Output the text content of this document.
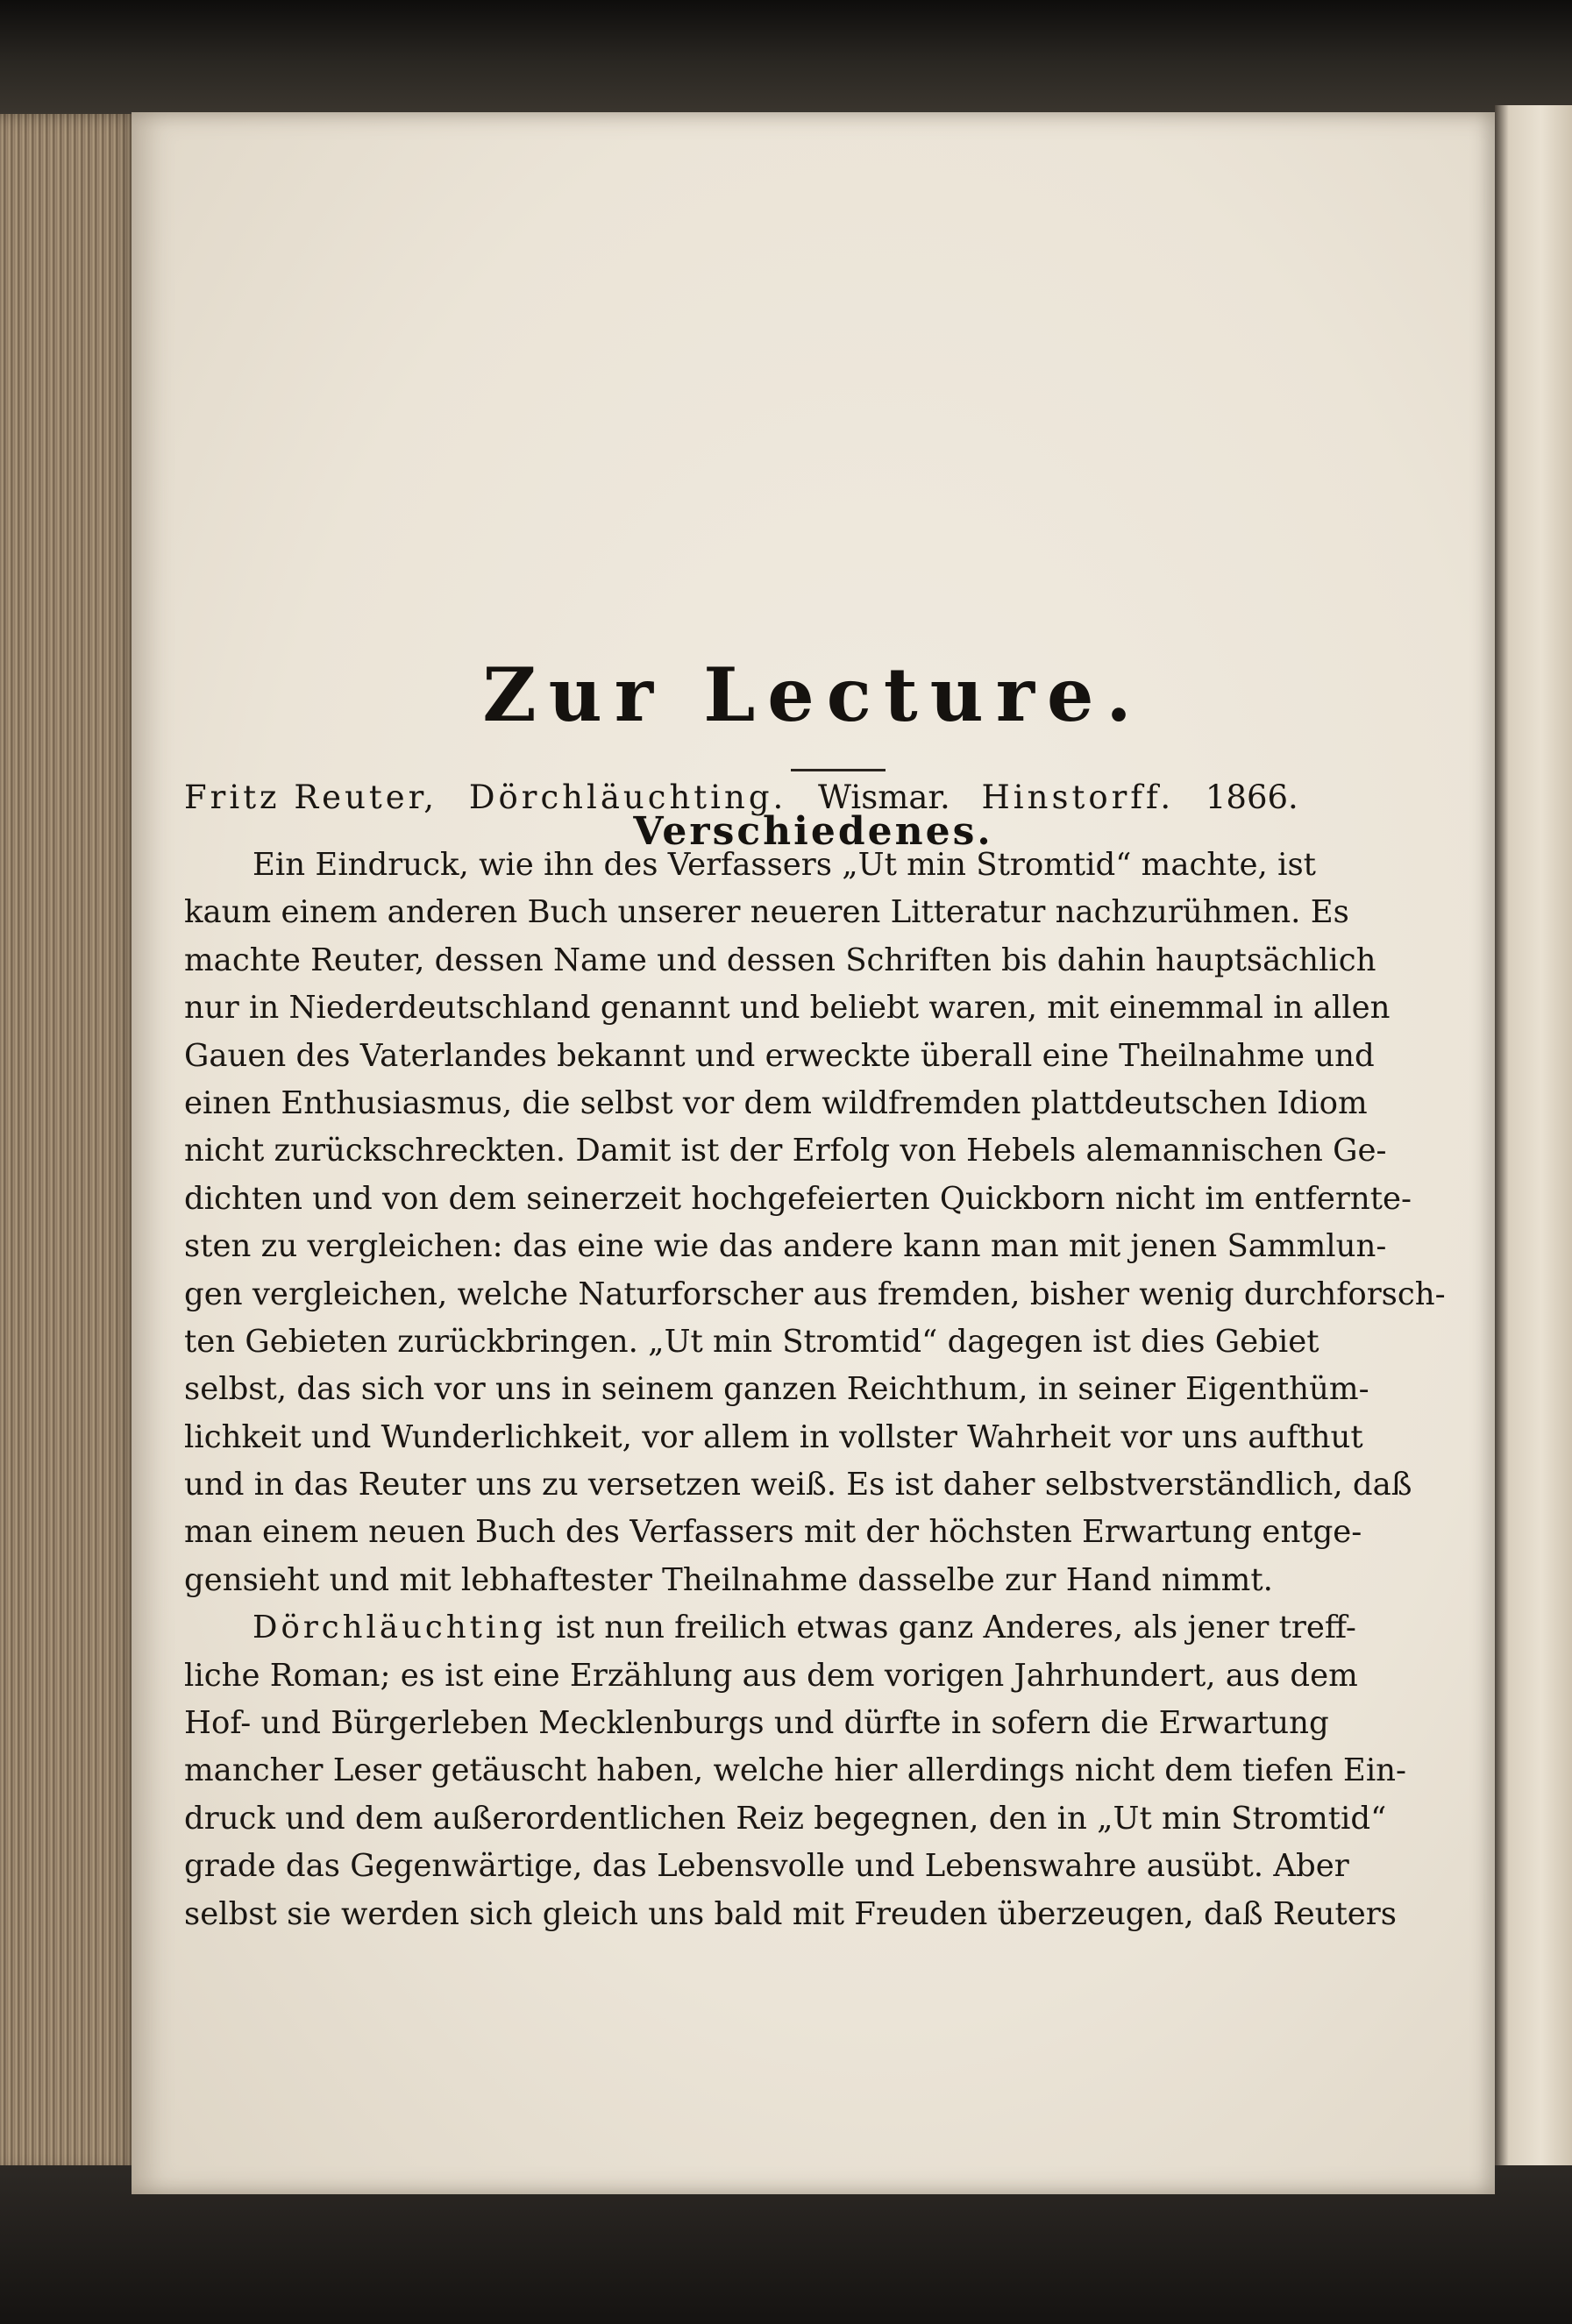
Zur Lecture.
Verschiedenes.
Fritz Reuter, Dörchläuchting. Wismar. Hinstorff. 1866.
Ein Eindruck, wie ihn des Verfassers „Ut min Stromtid“ machte, ist
kaum einem anderen Buch unserer neueren Litteratur nachzurühmen. Es
machte Reuter, dessen Name und dessen Schriften bis dahin hauptsächlich
nur in Niederdeutschland genannt und beliebt waren, mit einemmal in allen
Gauen des Vaterlandes bekannt und erweckte überall eine Theilnahme und
einen Enthusiasmus, die selbst vor dem wildfremden plattdeutschen Idiom
nicht zurückschreckten. Damit ist der Erfolg von Hebels alemannischen Ge-
dichten und von dem seinerzeit hochgefeierten Quickborn nicht im entfernte-
sten zu vergleichen: das eine wie das andere kann man mit jenen Sammlun-
gen vergleichen, welche Naturforscher aus fremden, bisher wenig durchforsch-
ten Gebieten zurückbringen. „Ut min Stromtid“ dagegen ist dies Gebiet
selbst, das sich vor uns in seinem ganzen Reichthum, in seiner Eigenthüm-
lichkeit und Wunderlichkeit, vor allem in vollster Wahrheit vor uns aufthut
und in das Reuter uns zu versetzen weiß. Es ist daher selbstverständlich, daß
man einem neuen Buch des Verfassers mit der höchsten Erwartung entge-
gensieht und mit lebhaftester Theilnahme dasselbe zur Hand nimmt.
Dörchläuchting ist nun freilich etwas ganz Anderes, als jener treff-
liche Roman; es ist eine Erzählung aus dem vorigen Jahrhundert, aus dem
Hof- und Bürgerleben Mecklenburgs und dürfte in sofern die Erwartung
mancher Leser getäuscht haben, welche hier allerdings nicht dem tiefen Ein-
druck und dem außerordentlichen Reiz begegnen, den in „Ut min Stromtid“
grade das Gegenwärtige, das Lebensvolle und Lebenswahre ausübt. Aber
selbst sie werden sich gleich uns bald mit Freuden überzeugen, daß Reuters
